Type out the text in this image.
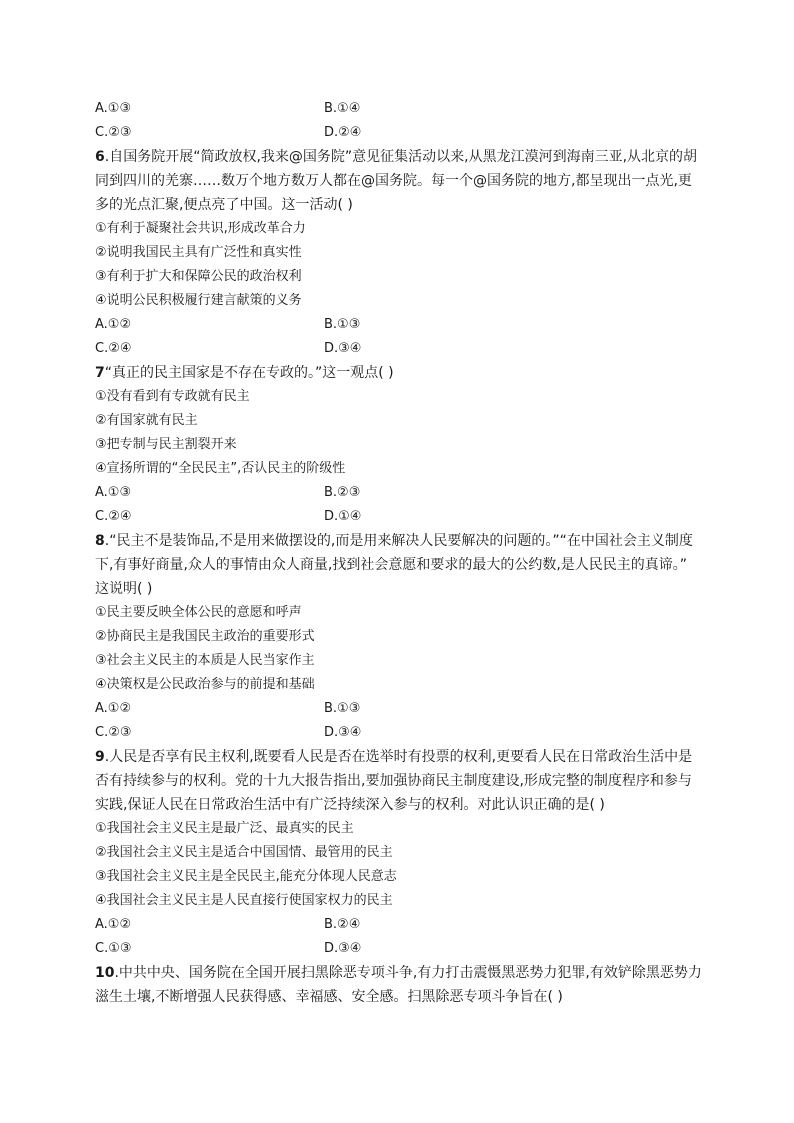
A.①③	B.①④
C.②③	D.②④
6.自国务院开展“简政放权,我来@国务院”意见征集活动以来,从黑龙江漠河到海南三亚,从北京的胡
同到四川的羌寨……数万个地方数万人都在@国务院。每一个@国务院的地方,都呈现出一点光,更
多的光点汇聚,便点亮了中国。这一活动( )
①有利于凝聚社会共识,形成改革合力
②说明我国民主具有广泛性和真实性
③有利于扩大和保障公民的政治权利
④说明公民积极履行建言献策的义务
A.①②	B.①③
C.②④	D.③④
7“真正的民主国家是不存在专政的。”这一观点( )
①没有看到有专政就有民主
②有国家就有民主
③把专制与民主割裂开来
④宣扬所谓的“全民民主”,否认民主的阶级性
A.①③	B.②③
C.②④	D.①④
8.“民主不是装饰品,不是用来做摆设的,而是用来解决人民要解决的问题的。”“在中国社会主义制度
下,有事好商量,众人的事情由众人商量,找到社会意愿和要求的最大的公约数,是人民民主的真谛。”
这说明( )
①民主要反映全体公民的意愿和呼声
②协商民主是我国民主政治的重要形式
③社会主义民主的本质是人民当家作主
④决策权是公民政治参与的前提和基础
A.①②	B.①③
C.②③	D.③④
9.人民是否享有民主权利,既要看人民是否在选举时有投票的权利,更要看人民在日常政治生活中是
否有持续参与的权利。党的十九大报告指出,要加强协商民主制度建设,形成完整的制度程序和参与
实践,保证人民在日常政治生活中有广泛持续深入参与的权利。对此认识正确的是( )
①我国社会主义民主是最广泛、最真实的民主
②我国社会主义民主是适合中国国情、最管用的民主
③我国社会主义民主是全民民主,能充分体现人民意志
④我国社会主义民主是人民直接行使国家权力的民主
A.①②	B.②④
C.①③	D.③④
10.中共中央、国务院在全国开展扫黑除恶专项斗争,有力打击震慑黑恶势力犯罪,有效铲除黑恶势力
滋生土壤,不断增强人民获得感、幸福感、安全感。扫黑除恶专项斗争旨在( )
